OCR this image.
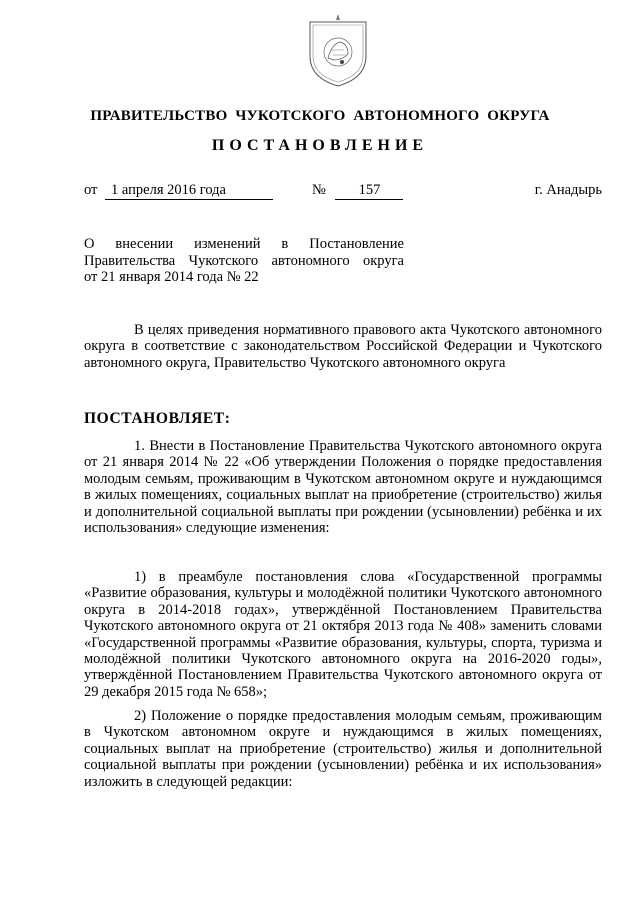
ПРАВИТЕЛЬСТВО ЧУКОТСКОГО АВТОНОМНОГО ОКРУГА
ПОСТАНОВЛЕНИЕ
от 1 апреля 2016 года	№ 157	г. Анадырь
О внесении изменений в Постановление
Правительства Чукотского автономного округа
от 21 января 2014 года № 22
В целях приведения нормативного правового акта Чукотского автономного округа в соответствие с законодательством Российской Федерации и Чукотского автономного округа, Правительство Чукотского автономного округа
ПОСТАНОВЛЯЕТ:
1. Внести в Постановление Правительства Чукотского автономного округа от 21 января 2014 № 22 «Об утверждении Положения о порядке предоставления молодым семьям, проживающим в Чукотском автономном округе и нуждающимся в жилых помещениях, социальных выплат на приобретение (строительство) жилья и дополнительной социальной выплаты при рождении (усыновлении) ребёнка и их использования» следующие изменения:
1) в преамбуле постановления слова «Государственной программы «Развитие образования, культуры и молодёжной политики Чукотского автономного округа в 2014-2018 годах», утверждённой Постановлением Правительства Чукотского автономного округа от 21 октября 2013 года № 408» заменить словами «Государственной программы «Развитие образования, культуры, спорта, туризма и молодёжной политики Чукотского автономного округа на 2016-2020 годы», утверждённой Постановлением Правительства Чукотского автономного округа от 29 декабря 2015 года № 658»;
2) Положение о порядке предоставления молодым семьям, проживающим в Чукотском автономном округе и нуждающимся в жилых помещениях, социальных выплат на приобретение (строительство) жилья и дополнительной социальной выплаты при рождении (усыновлении) ребёнка и их использования» изложить в следующей редакции:
